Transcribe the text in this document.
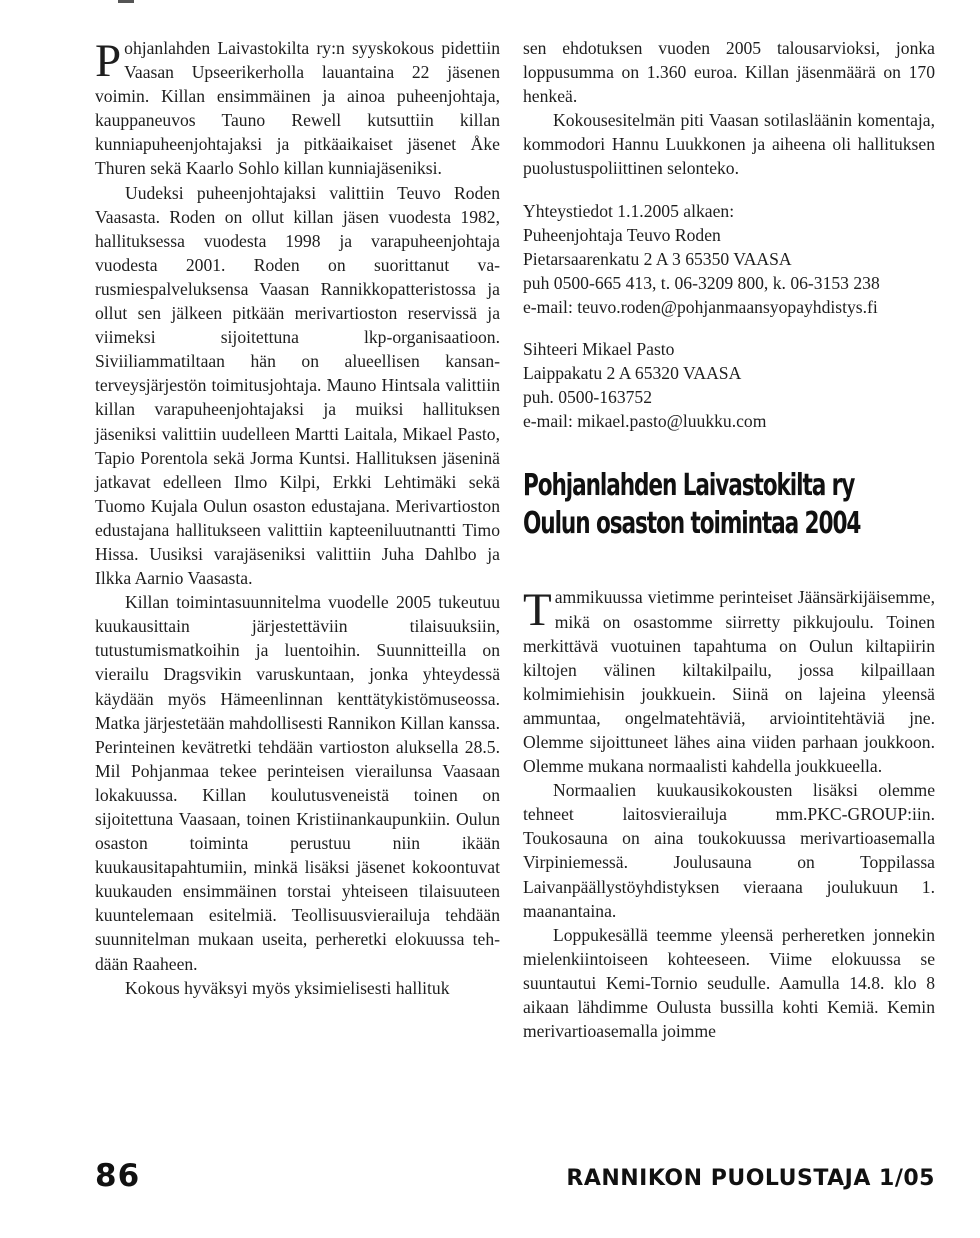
Pohjanlahden Laivastokilta ry:n syyskokous pidettiin Vaasan Upseerikerholla lauantaina 22 jäsenen voimin. Killan ensimmäinen ja ainoa puheenjohtaja, kauppaneuvos Tauno Rewell kutsuttiin killan kunniapuheenjohtajaksi ja pitkäaikaiset jäsenet Åke Thuren sekä Kaarlo Sohlo killan kunniajäseniksi.

Uudeksi puheenjohtajaksi valittiin Teuvo Roden Vaasasta. Roden on ollut killan jäsen vuodesta 1982, hallituksessa vuodesta 1998 ja varapuheenjohtaja vuodesta 2001. Roden on suorittanut varusmiespalveluksensa Vaasan Rannikkopatteristossa ja ollut sen jälkeen pitkään merivartioston reservissä ja viimeksi sijoitettuna lkp-organisaatioon. Siviiliammatiltaan hän on alueellisen kansanterveysjärjestön toimitusjohtaja. Mauno Hintsala valittiin killan varapuheenjohtajaksi ja muiksi hallituksen jäseniksi valittiin uudelleen Martti Laitala, Mikael Pasto, Tapio Porentola sekä Jorma Kuntsi. Hallituksen jäseninä jatkavat edelleen Ilmo Kilpi, Erkki Lehtimäki sekä Tuomo Kujala Oulun osaston edustajana. Merivartioston edustajana hallitukseen valittiin kapteeniluutnantti Timo Hissa. Uusiksi varajäseniksi valittiin Juha Dahlbo ja Ilkka Aarnio Vaasasta.

Killan toimintasuunnitelma vuodelle 2005 tukeutuu kuukausittain järjestettäviin tilaisuuksiin, tutustumismatkoihin ja luentoihin. Suunnitteilla on vierailu Dragsvikin varuskuntaan, jonka yhteydessä käydään myös Hämeenlinnan kenttätykistömuseossa. Matka järjestetään mahdollisesti Rannikon Killan kanssa. Perinteinen kevätretki tehdään vartioston aluksella 28.5. Mil Pohjanmaa tekee perinteisen vierailunsa Vaasaan lokakuussa. Killan koulutusveneistä toinen on sijoitettuna Vaasaan, toinen Kristiinankaupunkiin. Oulun osaston toiminta perustuu niin ikään kuukausitapahtumiin, minkä lisäksi jäsenet kokoontuvat kuukauden ensimmäinen torstai yhteiseen tilaisuuteen kuuntelemaan esitelmiä. Teollisuusvierailuja tehdään suunnitelman mukaan useita, perheretki elokuussa tehdään Raaheen.

Kokous hyväksyi myös yksimielisesti hallituk

sen ehdotuksen vuoden 2005 talousarvioksi, jonka loppusumma on 1.360 euroa. Killan jäsenmäärä on 170 henkeä.

Kokousesitelmän piti Vaasan sotilasläänin komentaja, kommodori Hannu Luukkonen ja aiheena oli hallituksen puolustuspoliittinen selonteko.

Yhteystiedot 1.1.2005 alkaen:

Puheenjohtaja Teuvo Roden

Pietarsaarenkatu 2 A 3 65350 VAASA

puh 0500-665 413, t. 06-3209 800, k. 06-3153 238

e-mail: teuvo.roden@pohjanmaansyopayhdistys.fi

Sihteeri Mikael Pasto

Laippakatu 2 A 65320 VAASA

puh. 0500-163752

e-mail: mikael.pasto@luukku.com

Pohjanlahden Laivastokilta ry
Oulun osaston toimintaa 2004

Tammikuussa vietimme perinteiset Jäänsärkijäisemme, mikä on osastomme siirretty pikkujoulu. Toinen merkittävä vuotuinen tapahtuma on Oulun kiltapiirin kiltojen välinen kiltakilpailu, jossa kilpaillaan kolmimiehisin joukkuein. Siinä on lajeina yleensä ammuntaa, ongelmatehtäviä, arviointitehtäviä jne. Olemme sijoittuneet lähes aina viiden parhaan joukkoon. Olemme mukana normaalisti kahdella joukkueella.

Normaalien kuukausikokousten lisäksi olemme tehneet laitosvierailuja mm.PKC-GROUP:iin. Toukosauna on aina toukokuussa merivartioasemalla Virpiniemessä. Joulusauna on Toppilassa Laivanpäällystöyhdistyksen vieraana joulukuun 1. maanantaina.

Loppukesällä teemme yleensä perheretken jonnekin mielenkiintoiseen kohteeseen. Viime elokuussa se suuntautui Kemi-Tornio seudulle. Aamulla 14.8. klo 8 aikaan lähdimme Oulusta bussilla kohti Kemiä. Kemin merivartioasemalla joimme

86	RANNIKON PUOLUSTAJA 1/05
